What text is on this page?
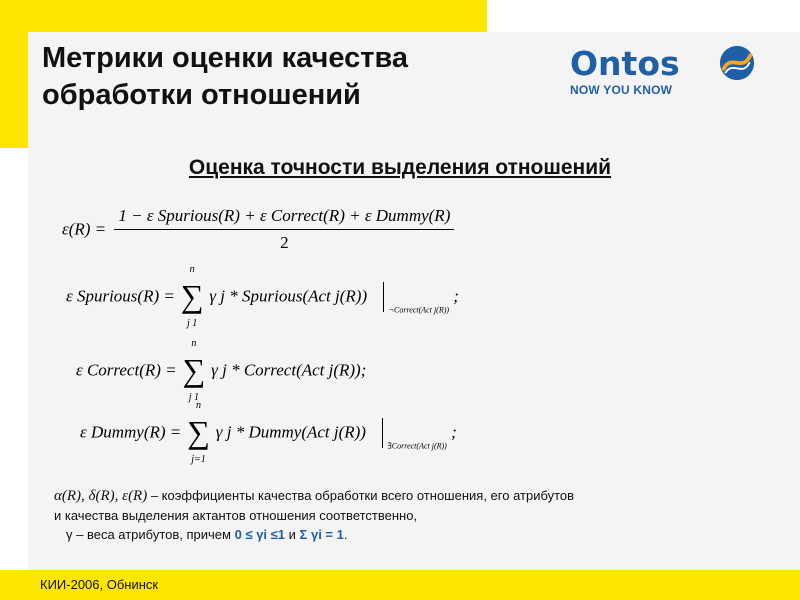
КИИ-2006, Обнинск
Метрики оценки качества
обработки отношений
Ontos
NOW YOU KNOW
Оценка точности выделения отношений
ε(R) =
1 − ε Spurious(R) + ε Correct(R) + ε Dummy(R)
2
ε Spurious(R) =
n
∑
j 1
γ j * Spurious(Act j(R))  $_{\neg Correct(Act j(R))}$ ;
ε Correct(R) =
n
∑
j 1
γ j * Correct(Act j(R));
ε Dummy(R) =
n
∑
j=1
γ j * Dummy(Act j(R))  $_{\exists Correct(Act j(R))}$ ;
α(R), δ(R), ε(R) – коэффициенты качества обработки всего отношения, его атрибутов
и качества выделения актантов отношения соответственно,
γ – веса атрибутов, причем 0 ≤ γi ≤1 и Σ γi = 1.
